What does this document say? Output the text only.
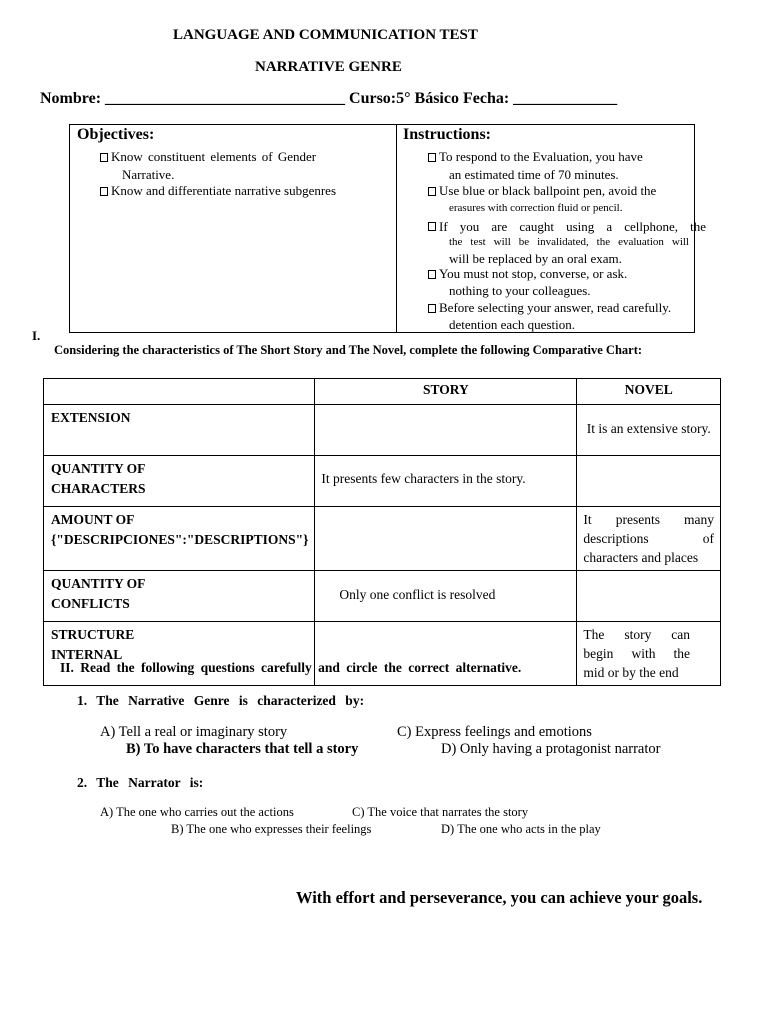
LANGUAGE AND COMMUNICATION TEST
NARRATIVE GENRE
Nombre: ______________________________ Curso:5° Básico Fecha: _____________
Objectives:
Know constituent elements of Gender
Narrative.
Know and differentiate narrative subgenres
Instructions:
To respond to the Evaluation, you have
an estimated time of 70 minutes.
Use blue or black ballpoint pen, avoid the
erasures with correction fluid or pencil.
If you are caught using a cellphone, the
the test will be invalidated, the evaluation will
will be replaced by an oral exam.
You must not stop, converse, or ask.
nothing to your colleagues.
Before selecting your answer, read carefully.
detention each question.
I.
Considering the characteristics of The Short Story and The Novel, complete the following Comparative Chart:
	STORY	NOVEL
EXTENSION		It is an extensive story.
QUANTITY OF
CHARACTERS	It presents few characters in the story.	
AMOUNT OF
{"DESCRIPCIONES":"DESCRIPTIONS"}		It presents many descriptions of
characters and places
QUANTITY OF
CONFLICTS	Only one conflict is resolved	
STRUCTURE
INTERNAL		The story can begin with the
mid or by the end
II. Read the following questions carefully and circle the correct alternative.
1. The Narrative Genre is characterized by:
A) Tell a real or imaginary story	C) Express feelings and emotions
B) To have characters that tell a story	D) Only having a protagonist narrator
2. The Narrator is:
A) The one who carries out the actions	C) The voice that narrates the story
B) The one who expresses their feelings	D) The one who acts in the play
With effort and perseverance, you can achieve your goals.
